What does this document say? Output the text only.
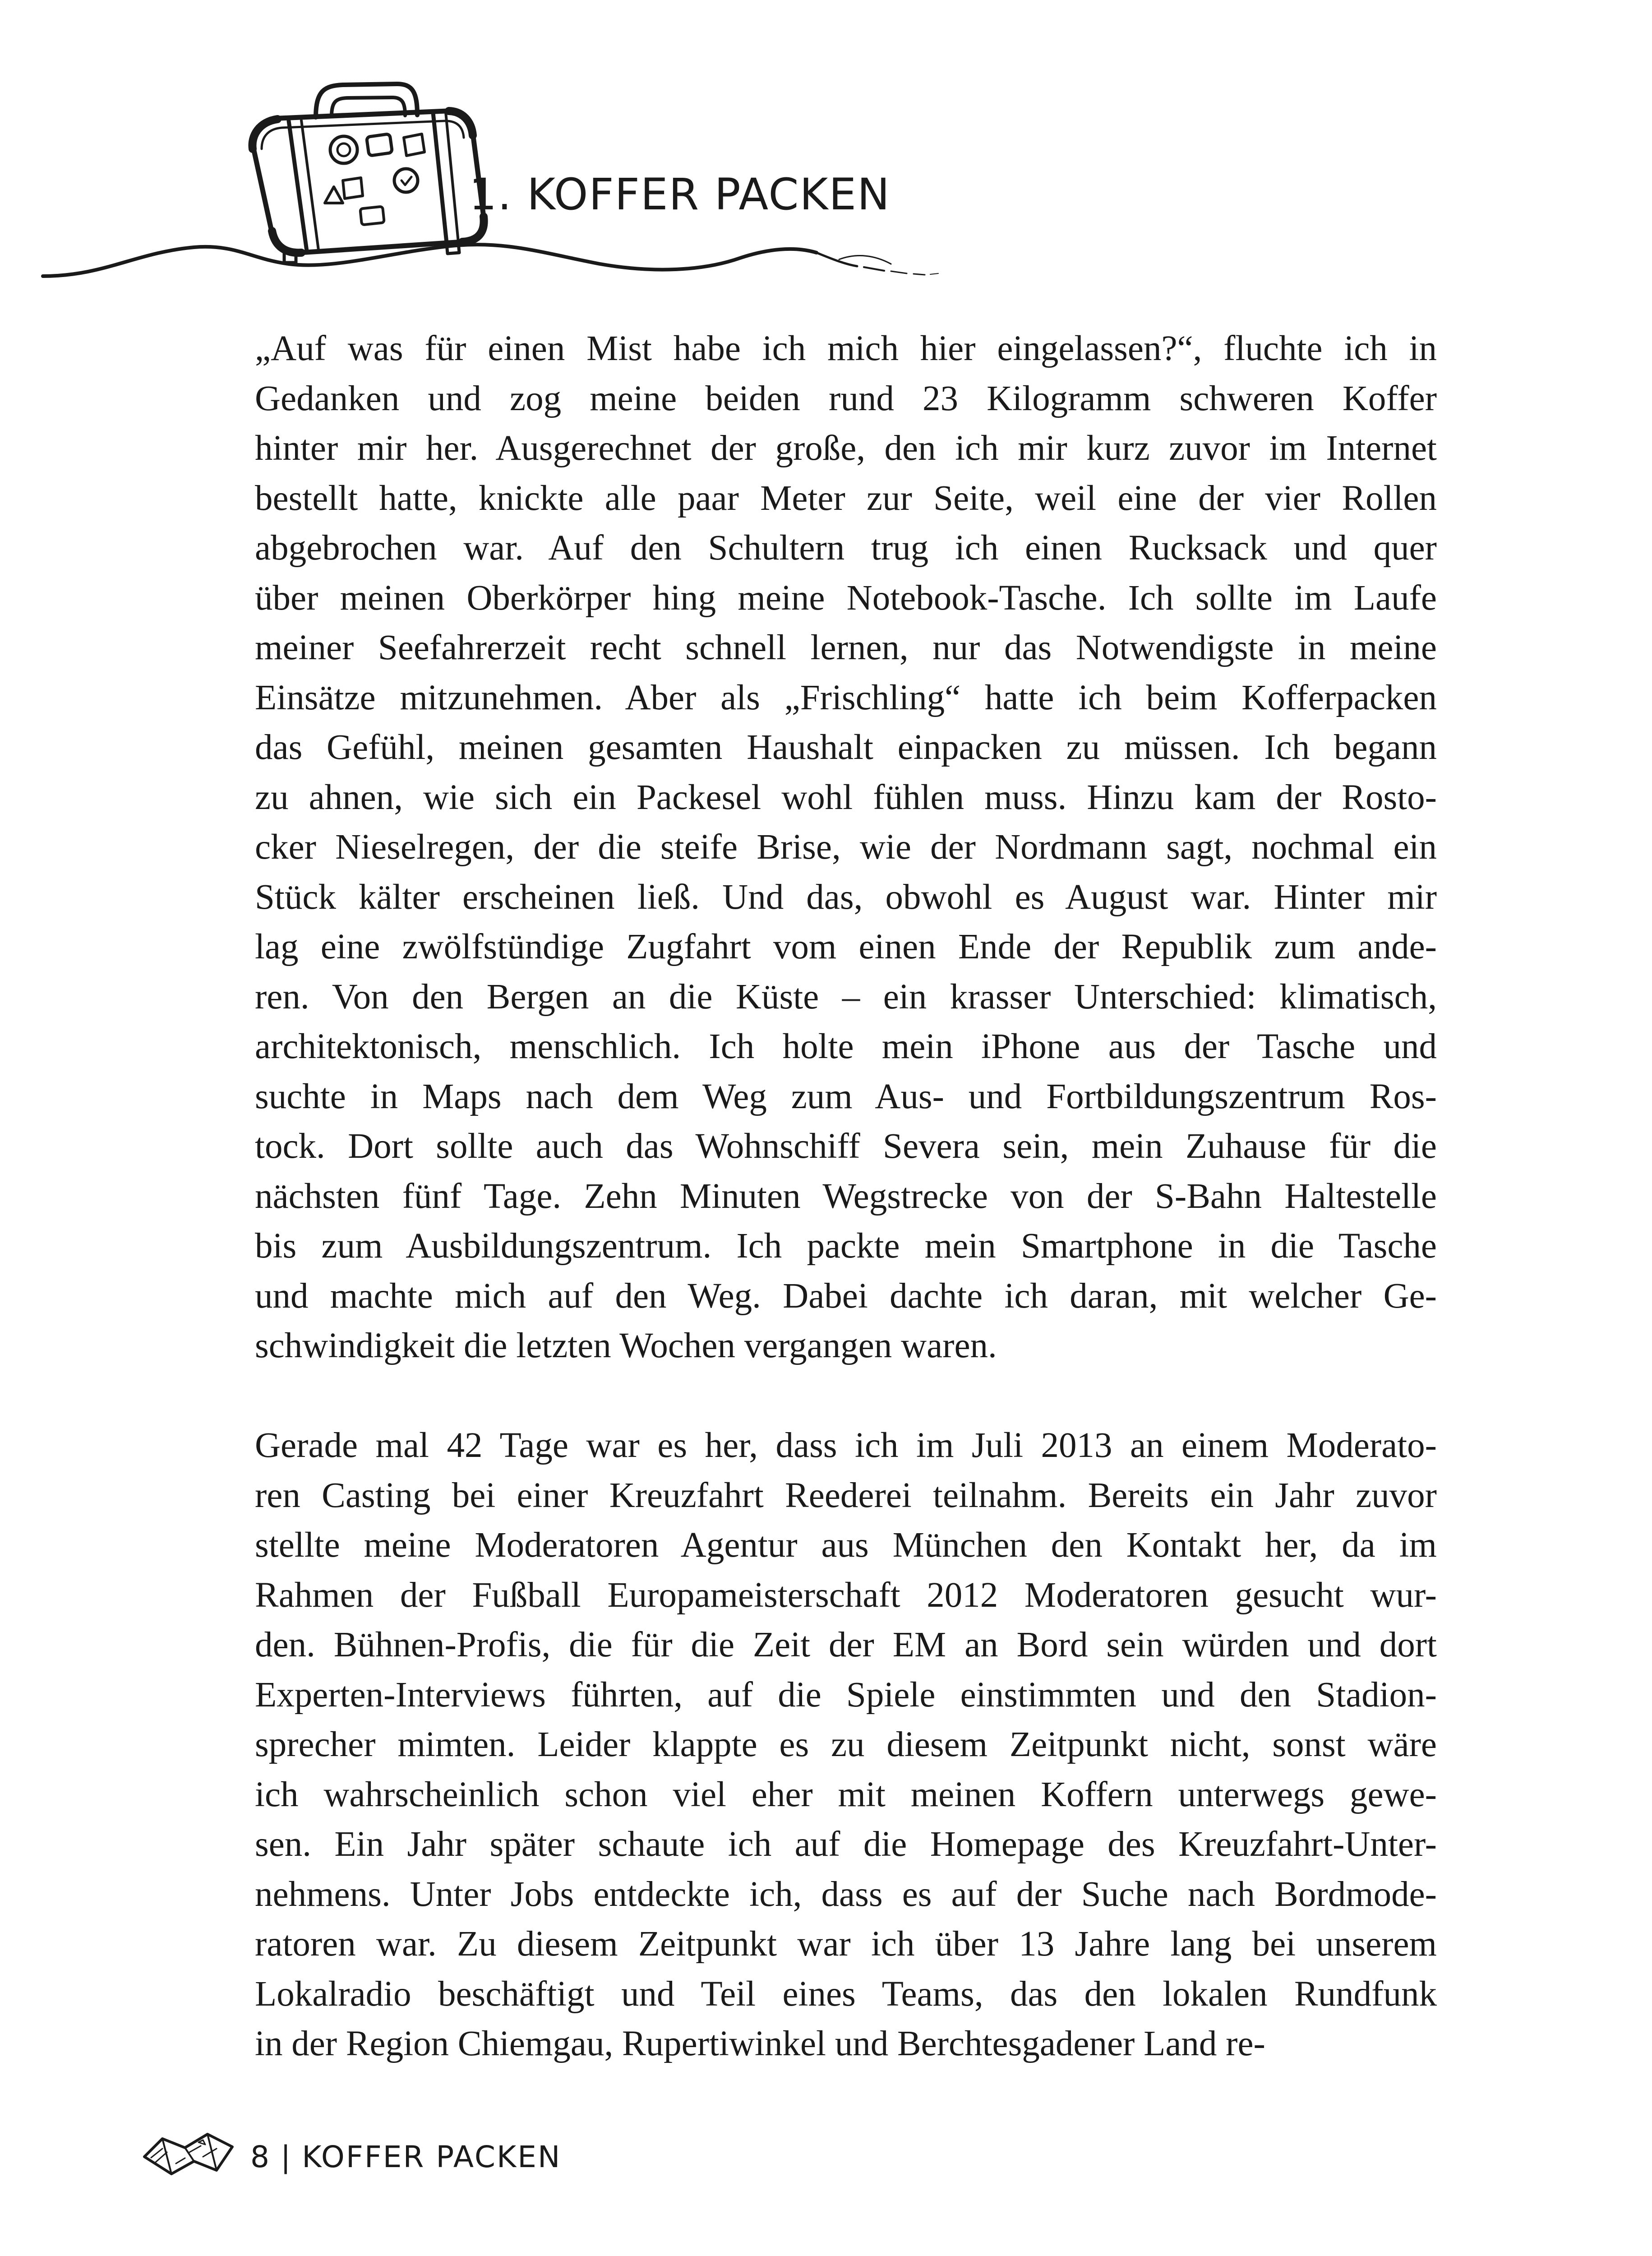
1. KOFFER PACKEN
„Auf was für einen Mist habe ich mich hier eingelassen?“, fluchte ich in
Gedanken und zog meine beiden rund 23 Kilogramm schweren Koffer
hinter mir her. Ausgerechnet der große, den ich mir kurz zuvor im Internet
bestellt hatte, knickte alle paar Meter zur Seite, weil eine der vier Rollen
abgebrochen war. Auf den Schultern trug ich einen Rucksack und quer
über meinen Oberkörper hing meine Notebook-Tasche. Ich sollte im Laufe
meiner Seefahrerzeit recht schnell lernen, nur das Notwendigste in meine
Einsätze mitzunehmen. Aber als „Frischling“ hatte ich beim Kofferpacken
das Gefühl, meinen gesamten Haushalt einpacken zu müssen. Ich begann
zu ahnen, wie sich ein Packesel wohl fühlen muss. Hinzu kam der Rosto-
cker Nieselregen, der die steife Brise, wie der Nordmann sagt, nochmal ein
Stück kälter erscheinen ließ. Und das, obwohl es August war. Hinter mir
lag eine zwölfstündige Zugfahrt vom einen Ende der Republik zum ande-
ren. Von den Bergen an die Küste – ein krasser Unterschied: klimatisch,
architektonisch, menschlich. Ich holte mein iPhone aus der Tasche und
suchte in Maps nach dem Weg zum Aus- und Fortbildungszentrum Ros-
tock. Dort sollte auch das Wohnschiff Severa sein, mein Zuhause für die
nächsten fünf Tage. Zehn Minuten Wegstrecke von der S-Bahn Haltestelle
bis zum Ausbildungszentrum. Ich packte mein Smartphone in die Tasche
und machte mich auf den Weg. Dabei dachte ich daran, mit welcher Ge-
schwindigkeit die letzten Wochen vergangen waren.
Gerade mal 42 Tage war es her, dass ich im Juli 2013 an einem Moderato-
ren Casting bei einer Kreuzfahrt Reederei teilnahm. Bereits ein Jahr zuvor
stellte meine Moderatoren Agentur aus München den Kontakt her, da im
Rahmen der Fußball Europameisterschaft 2012 Moderatoren gesucht wur-
den. Bühnen-Profis, die für die Zeit der EM an Bord sein würden und dort
Experten-Interviews führten, auf die Spiele einstimmten und den Stadion-
sprecher mimten. Leider klappte es zu diesem Zeitpunkt nicht, sonst wäre
ich wahrscheinlich schon viel eher mit meinen Koffern unterwegs gewe-
sen. Ein Jahr später schaute ich auf die Homepage des Kreuzfahrt-Unter-
nehmens. Unter Jobs entdeckte ich, dass es auf der Suche nach Bordmode-
ratoren war. Zu diesem Zeitpunkt war ich über 13 Jahre lang bei unserem
Lokalradio beschäftigt und Teil eines Teams, das den lokalen Rundfunk
in der Region Chiemgau, Rupertiwinkel und Berchtesgadener Land re-
8 | KOFFER PACKEN
